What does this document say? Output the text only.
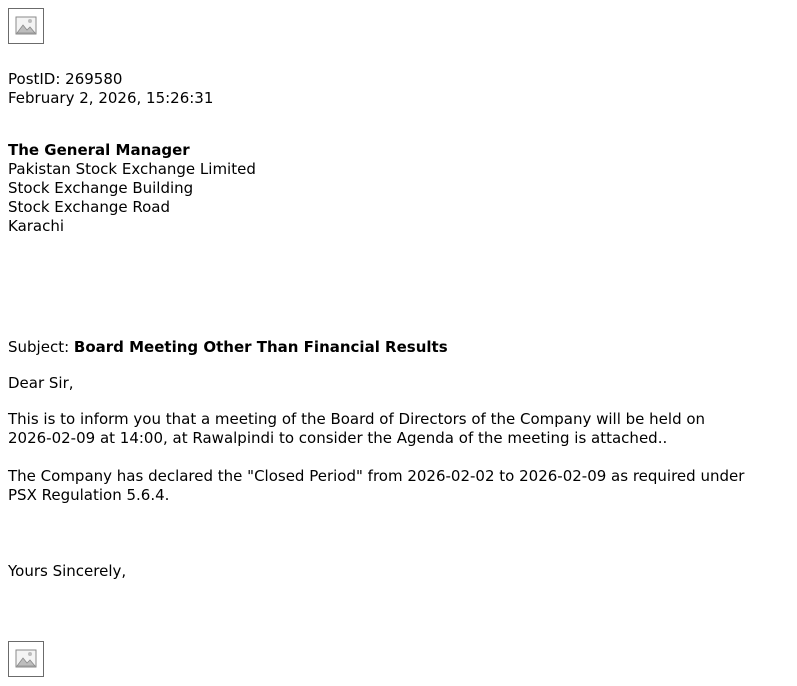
PostID: 269580
February 2, 2026, 15:26:31
The General Manager
Pakistan Stock Exchange Limited
Stock Exchange Building
Stock Exchange Road
Karachi
Subject: Board Meeting Other Than Financial Results
Dear Sir,
This is to inform you that a meeting of the Board of Directors of the Company will be held on
2026-02-09 at 14:00, at Rawalpindi to consider the Agenda of the meeting is attached..
The Company has declared the "Closed Period" from 2026-02-02 to 2026-02-09 as required under
PSX Regulation 5.6.4.
Yours Sincerely,
